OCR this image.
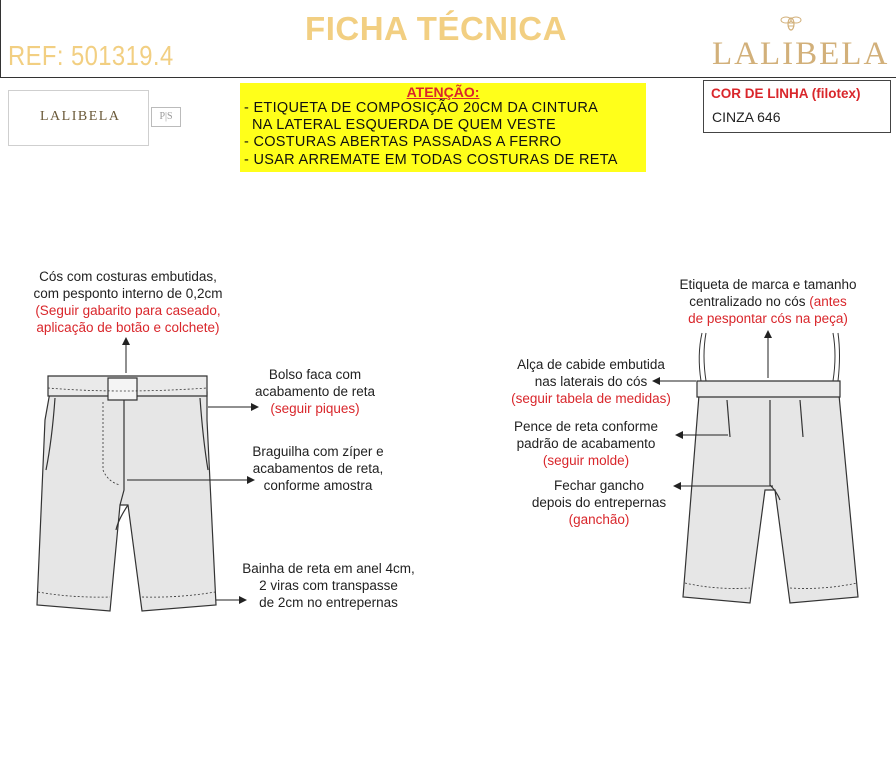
FICHA TÉCNICA
REF: 501319.4	LALIBELA
LALIBELA	P|S
ATENÇÃO:
- ETIQUETA DE COMPOSIÇÃO 20CM DA CINTURA
NA LATERAL ESQUERDA DE QUEM VESTE
- COSTURAS ABERTAS PASSADAS A FERRO
- USAR ARREMATE EM TODAS COSTURAS DE RETA
COR DE LINHA (filotex)
CINZA 646
Cós com costuras embutidas,
com pesponto interno de 0,2cm
(Seguir gabarito para caseado,
aplicação de botão e colchete)
Bolso faca com
acabamento de reta
(seguir piques)
Braguilha com zíper e
acabamentos de reta,
conforme amostra
Bainha de reta em anel 4cm,
2 viras com transpasse
de 2cm no entrepernas
Etiqueta de marca e tamanho
centralizado no cós (antes
de pespontar cós na peça)
Alça de cabide embutida
nas laterais do cós
(seguir tabela de medidas)
Pence de reta conforme
padrão de acabamento
(seguir molde)
Fechar gancho
depois do entrepernas
(ganchão)
